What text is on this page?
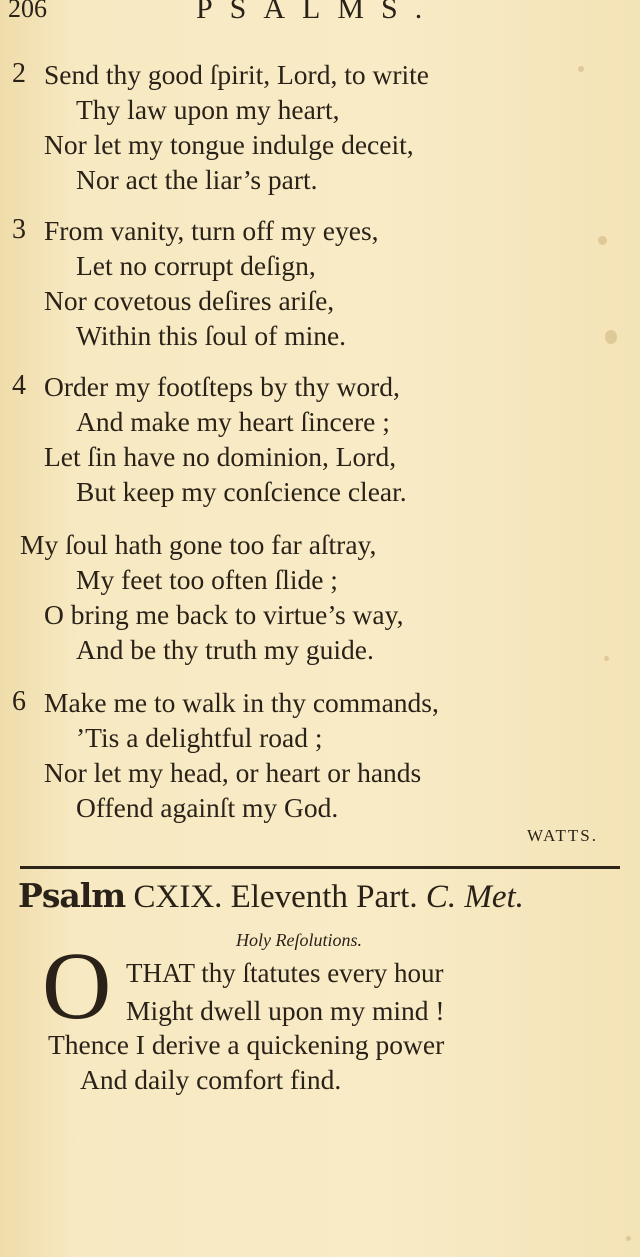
206	PSALMS.
2 Send thy good ſpirit, Lord, to write
Thy law upon my heart,
Nor let my tongue indulge deceit,
Nor act the liar’s part.
3 From vanity, turn off my eyes,
Let no corrupt deſign,
Nor covetous deſires ariſe,
Within this ſoul of mine.
4 Order my footſteps by thy word,
And make my heart ſincere ;
Let ſin have no dominion, Lord,
But keep my conſcience clear.
My ſoul hath gone too far aſtray,
My feet too often ſlide ;
O bring me back to virtue’s way,
And be thy truth my guide.
6 Make me to walk in thy commands,
’Tis a delightful road ;
Nor let my head, or heart or hands
Offend againſt my God.
WATTS.
Psalm CXIX. Eleventh Part. C. Met.
Holy Reſolutions.
O THAT thy ſtatutes every hour
Might dwell upon my mind !
Thence I derive a quickening power
And daily comfort find.
